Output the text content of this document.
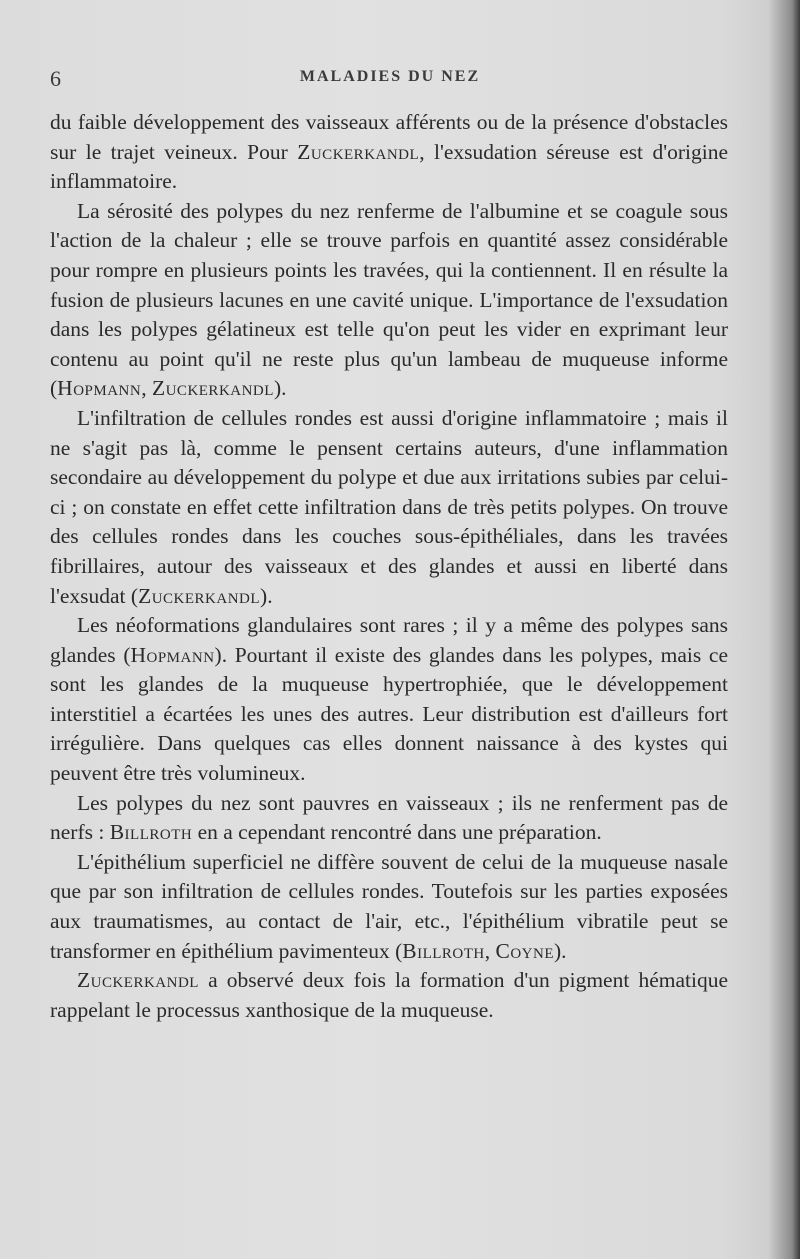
6	MALADIES DU NEZ

du faible développement des vaisseaux afférents ou de la présence d'obstacles sur le trajet veineux. Pour Zuckerkandl, l'exsudation séreuse est d'origine inflammatoire.

La sérosité des polypes du nez renferme de l'albumine et se coagule sous l'action de la chaleur ; elle se trouve parfois en quantité assez considérable pour rompre en plusieurs points les travées, qui la contiennent. Il en résulte la fusion de plusieurs lacunes en une cavité unique. L'importance de l'exsudation dans les polypes gélatineux est telle qu'on peut les vider en exprimant leur contenu au point qu'il ne reste plus qu'un lambeau de muqueuse informe (Hopmann, Zuckerkandl).

L'infiltration de cellules rondes est aussi d'origine inflammatoire ; mais il ne s'agit pas là, comme le pensent certains auteurs, d'une inflammation secondaire au développement du polype et due aux irritations subies par celui-ci ; on constate en effet cette infiltration dans de très petits polypes. On trouve des cellules rondes dans les couches sous-épithéliales, dans les travées fibrillaires, autour des vaisseaux et des glandes et aussi en liberté dans l'exsudat (Zuckerkandl).

Les néoformations glandulaires sont rares ; il y a même des polypes sans glandes (Hopmann). Pourtant il existe des glandes dans les polypes, mais ce sont les glandes de la muqueuse hypertrophiée, que le développement interstitiel a écartées les unes des autres. Leur distribution est d'ailleurs fort irrégulière. Dans quelques cas elles donnent naissance à des kystes qui peuvent être très volumineux.

Les polypes du nez sont pauvres en vaisseaux ; ils ne renferment pas de nerfs : Billroth en a cependant rencontré dans une préparation.

L'épithélium superficiel ne diffère souvent de celui de la muqueuse nasale que par son infiltration de cellules rondes. Toutefois sur les parties exposées aux traumatismes, au contact de l'air, etc., l'épithélium vibratile peut se transformer en épithélium pavimenteux (Billroth, Coyne).

Zuckerkandl a observé deux fois la formation d'un pigment hématique rappelant le processus xanthosique de la muqueuse.
